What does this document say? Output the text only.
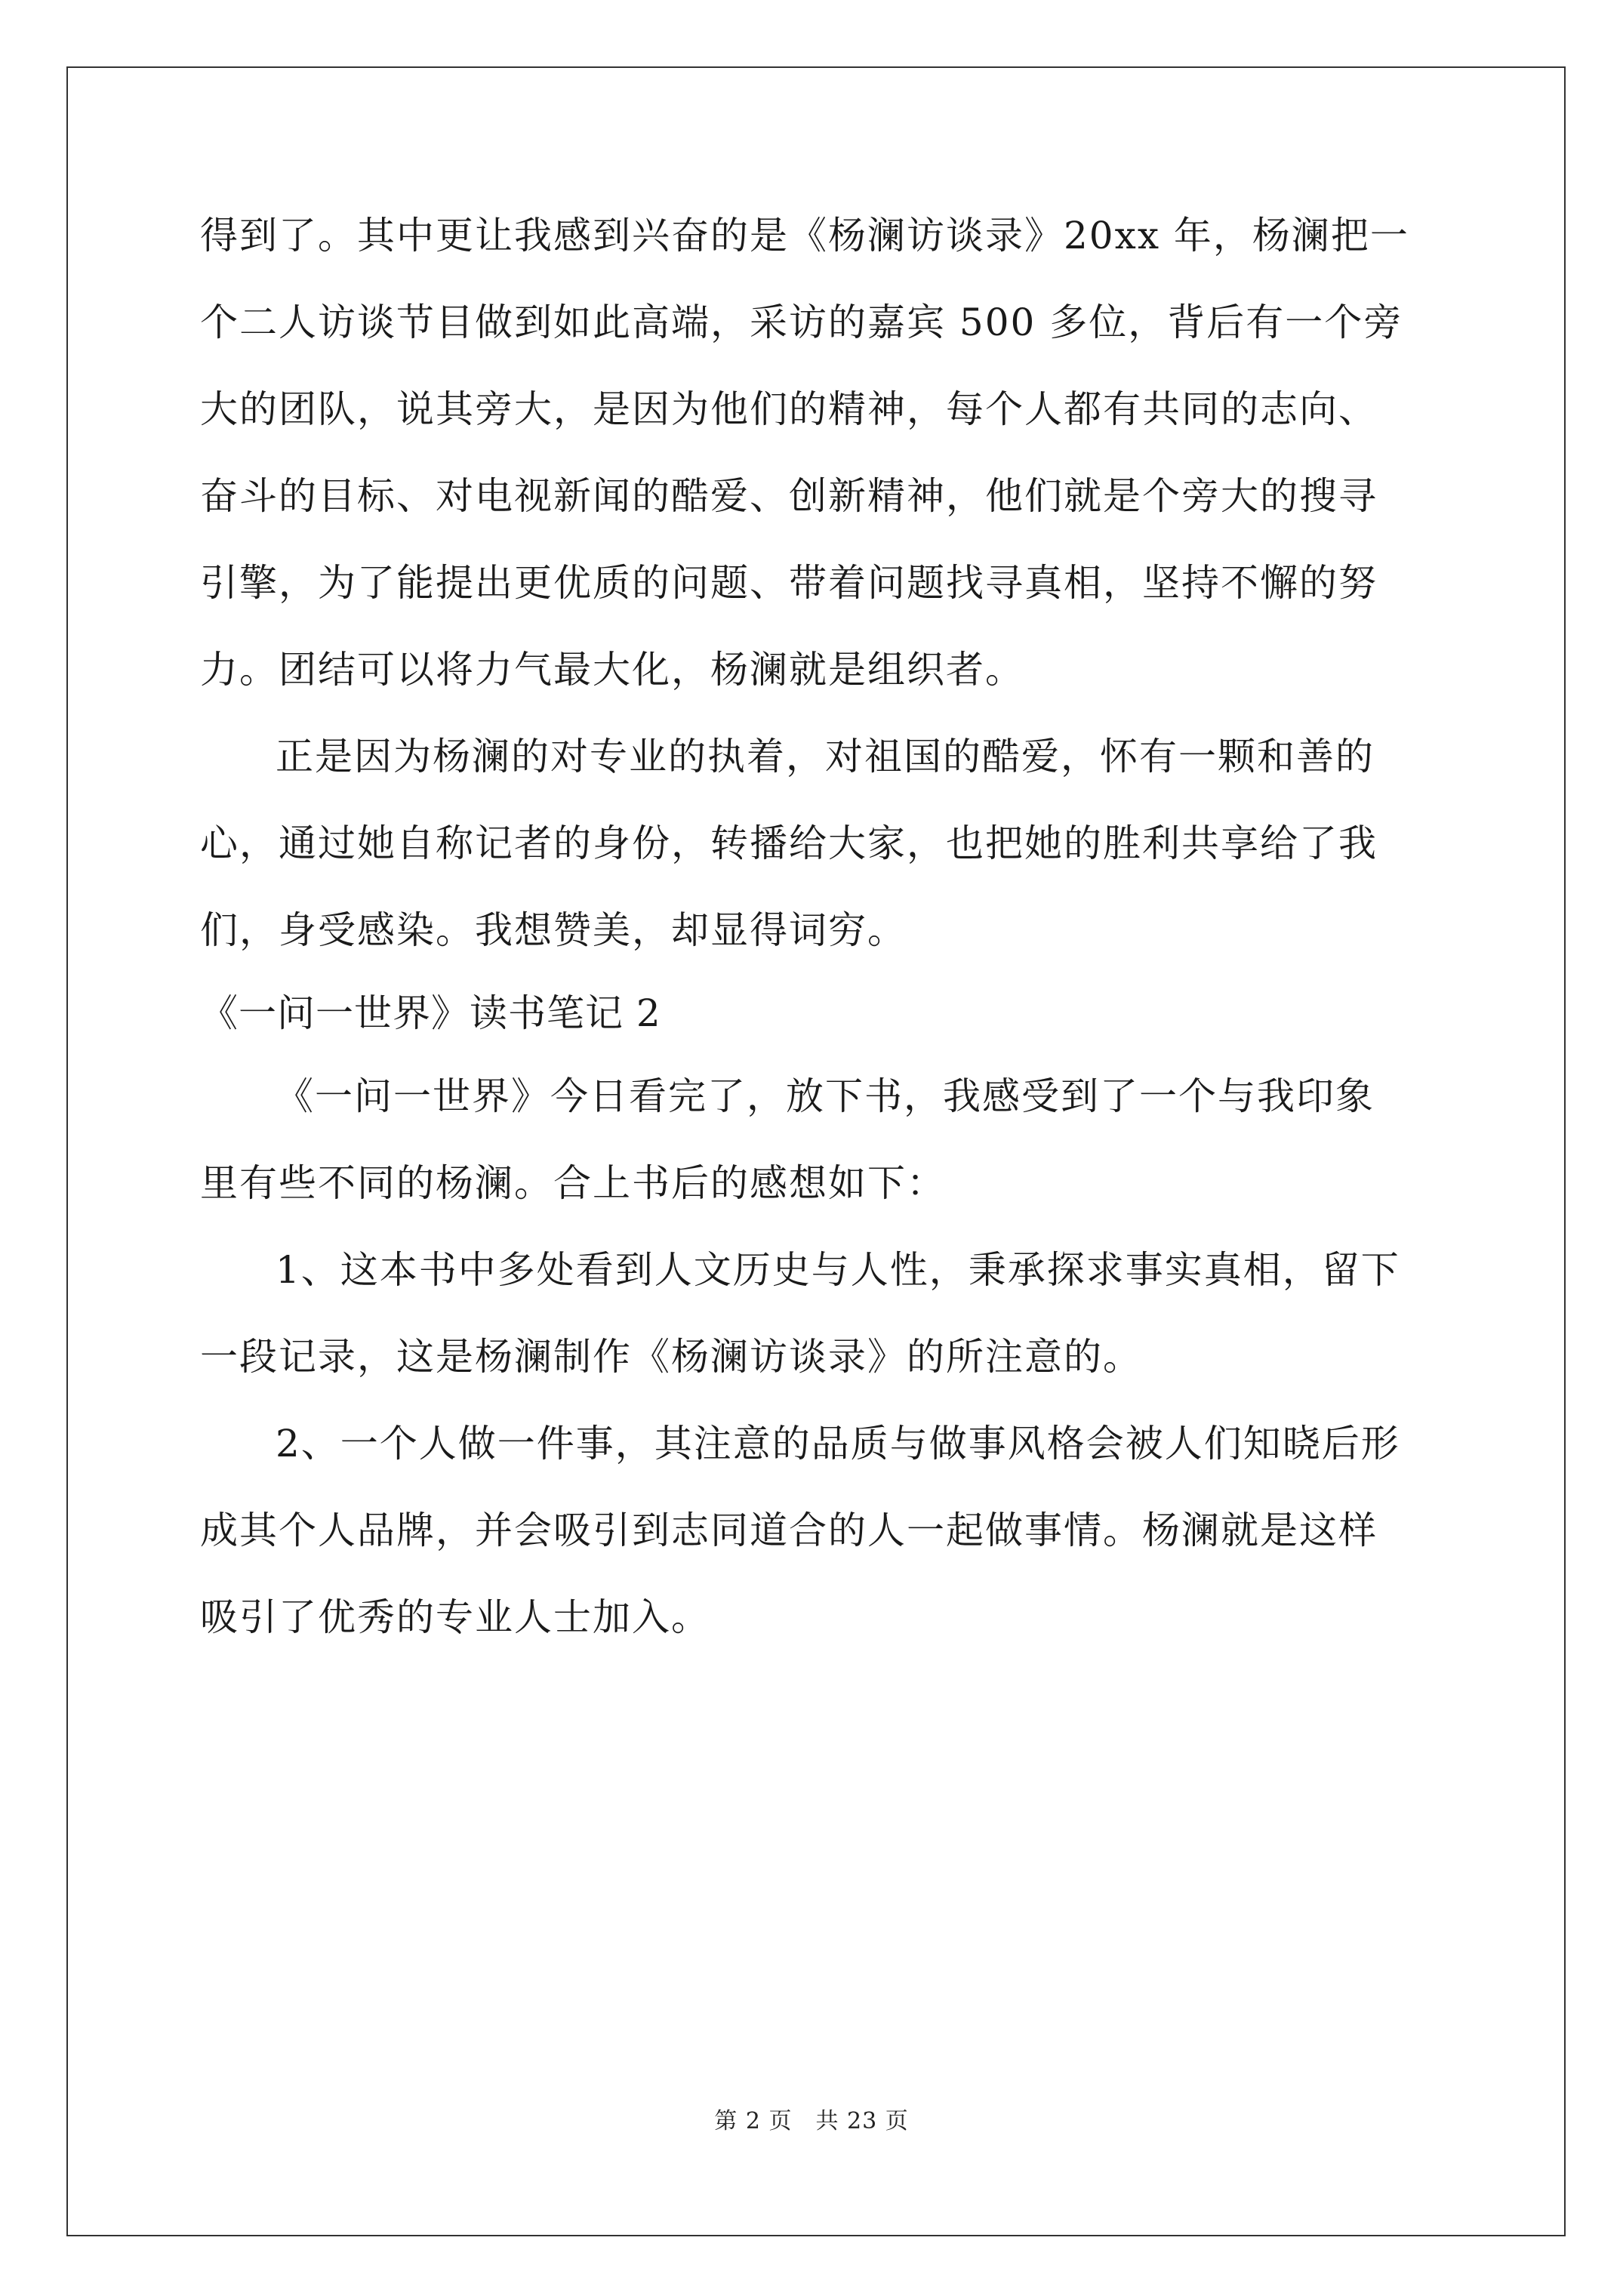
得到了。其中更让我感到兴奋的是《杨澜访谈录》20xx 年，杨澜把一
个二人访谈节目做到如此高端，采访的嘉宾 500 多位，背后有一个旁
大的团队，说其旁大，是因为他们的精神，每个人都有共同的志向、
奋斗的目标、对电视新闻的酷爱、创新精神，他们就是个旁大的搜寻
引擎，为了能提出更优质的问题、带着问题找寻真相，坚持不懈的努
力。团结可以将力气最大化，杨澜就是组织者。
正是因为杨澜的对专业的执着，对祖国的酷爱，怀有一颗和善的
心，通过她自称记者的身份，转播给大家，也把她的胜利共享给了我
们，身受感染。我想赞美，却显得词穷。
《一问一世界》读书笔记 2
《一问一世界》今日看完了，放下书，我感受到了一个与我印象
里有些不同的杨澜。合上书后的感想如下：
1、这本书中多处看到人文历史与人性，秉承探求事实真相，留下
一段记录，这是杨澜制作《杨澜访谈录》的所注意的。
2、一个人做一件事，其注意的品质与做事风格会被人们知晓后形
成其个人品牌，并会吸引到志同道合的人一起做事情。杨澜就是这样
吸引了优秀的专业人士加入。
第 2 页　共 23 页
